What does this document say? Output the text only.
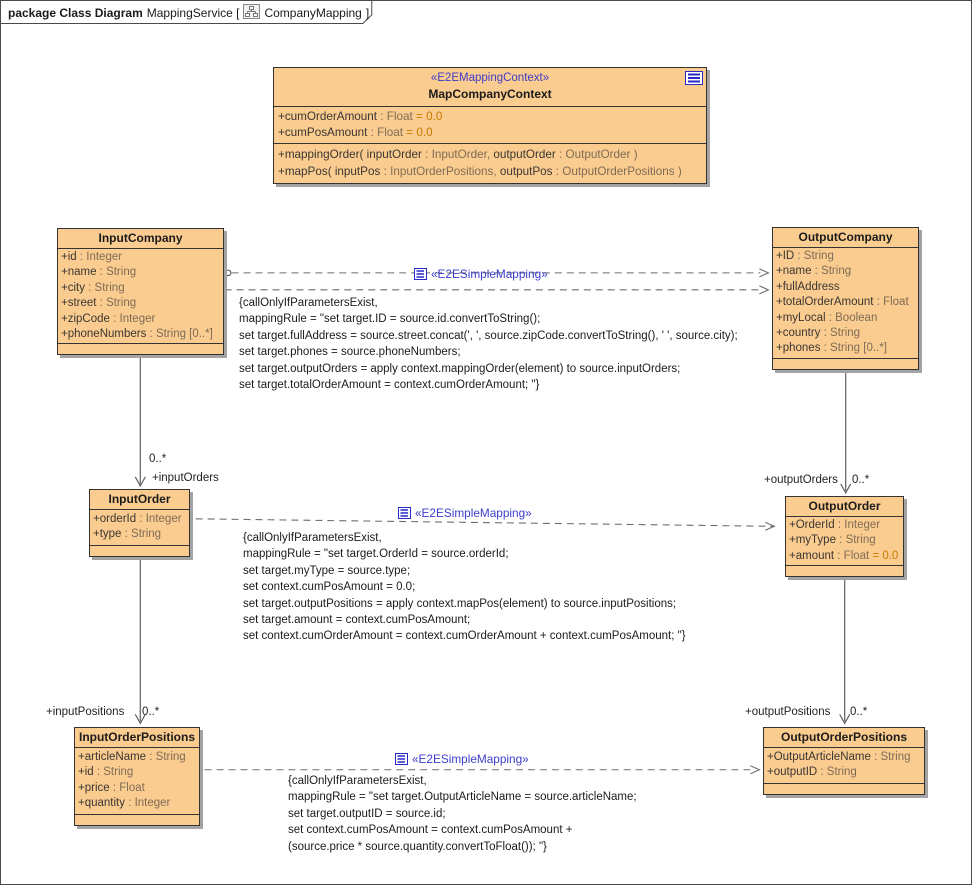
package Class Diagram MappingService [ CompanyMapping ]
«E2EMappingContext»
MapCompanyContext
+cumOrderAmount : Float = 0.0
+cumPosAmount : Float = 0.0
+mappingOrder( inputOrder : InputOrder, outputOrder : OutputOrder )
+mapPos( inputPos : InputOrderPositions, outputPos : OutputOrderPositions )
InputCompany
+id : Integer
+name : String
+city : String
+street : String
+zipCode : Integer
+phoneNumbers : String [0..*]
OutputCompany
+ID : String
+name : String
+fullAddress
+totalOrderAmount : Float
+myLocal : Boolean
+country : String
+phones : String [0..*]
InputOrder
+orderId : Integer
+type : String
OutputOrder
+OrderId : Integer
+myType : String
+amount : Float = 0.0
InputOrderPositions
+articleName : String
+id : String
+price : Float
+quantity : Integer
OutputOrderPositions
+OutputArticleName : String
+outputID : String
«E2ESimpleMapping»
«E2ESimpleMapping»
«E2ESimpleMapping»
{callOnlyIfParametersExist,
mappingRule = "set target.ID = source.id.convertToString();
set target.fullAddress = source.street.concat(', ', source.zipCode.convertToString(), ' ', source.city);
set target.phones = source.phoneNumbers;
set target.outputOrders = apply context.mappingOrder(element) to source.inputOrders;
set target.totalOrderAmount = context.cumOrderAmount; "}
{callOnlyIfParametersExist,
mappingRule = "set target.OrderId = source.orderId;
set target.myType = source.type;
set context.cumPosAmount = 0.0;
set target.outputPositions = apply context.mapPos(element) to source.inputPositions;
set target.amount = context.cumPosAmount;
set context.cumOrderAmount = context.cumOrderAmount + context.cumPosAmount; "}
{callOnlyIfParametersExist,
mappingRule = "set target.OutputArticleName = source.articleName;
set target.outputID = source.id;
set context.cumPosAmount = context.cumPosAmount +
(source.price * source.quantity.convertToFloat()); "}
0..*
+inputOrders
+inputPositions 0..*
+outputOrders 0..*
+outputPositions 0..*
